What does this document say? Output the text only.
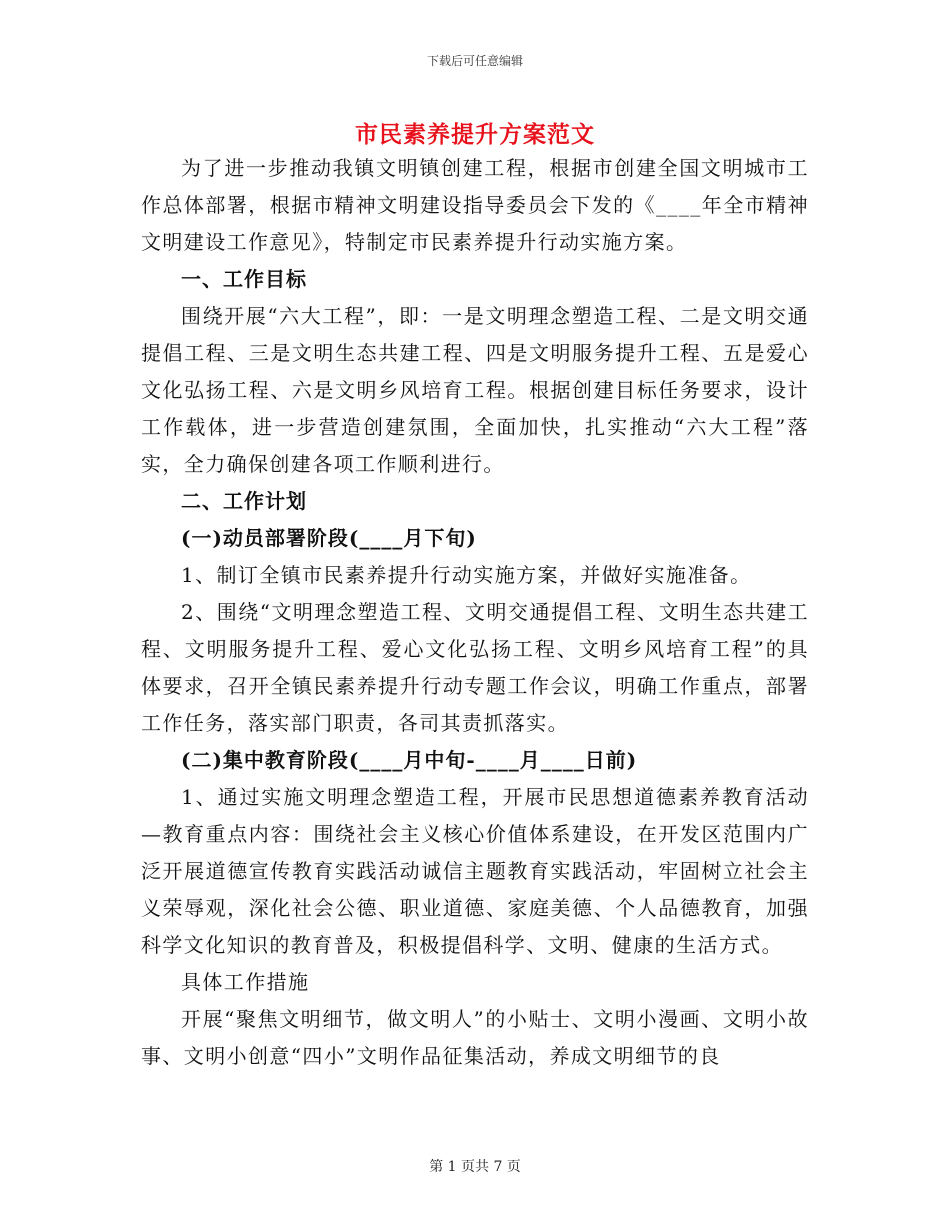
下载后可任意编辑
市民素养提升方案范文

为了进一步推动我镇文明镇创建工程，根据市创建全国文明城市工作总体部署，根据市精神文明建设指导委员会下发的《____年全市精神文明建设工作意见》，特制定市民素养提升行动实施方案。

一、工作目标

围绕开展“六大工程”，即：一是文明理念塑造工程、二是文明交通提倡工程、三是文明生态共建工程、四是文明服务提升工程、五是爱心文化弘扬工程、六是文明乡风培育工程。根据创建目标任务要求，设计工作载体，进一步营造创建氛围，全面加快，扎实推动“六大工程”落实，全力确保创建各项工作顺利进行。

二、工作计划

(一)动员部署阶段(____月下旬)

1、制订全镇市民素养提升行动实施方案，并做好实施准备。

2、围绕“文明理念塑造工程、文明交通提倡工程、文明生态共建工程、文明服务提升工程、爱心文化弘扬工程、文明乡风培育工程”的具体要求，召开全镇民素养提升行动专题工作会议，明确工作重点，部署工作任务，落实部门职责，各司其责抓落实。

(二)集中教育阶段(____月中旬-____月____日前)

1、通过实施文明理念塑造工程，开展市民思想道德素养教育活动—教育重点内容：围绕社会主义核心价值体系建设，在开发区范围内广泛开展道德宣传教育实践活动诚信主题教育实践活动，牢固树立社会主义荣辱观，深化社会公德、职业道德、家庭美德、个人品德教育，加强科学文化知识的教育普及，积极提倡科学、文明、健康的生活方式。

具体工作措施

开展“聚焦文明细节，做文明人”的小贴士、文明小漫画、文明小故事、文明小创意“四小”文明作品征集活动，养成文明细节的良

第 1 页共 7 页
